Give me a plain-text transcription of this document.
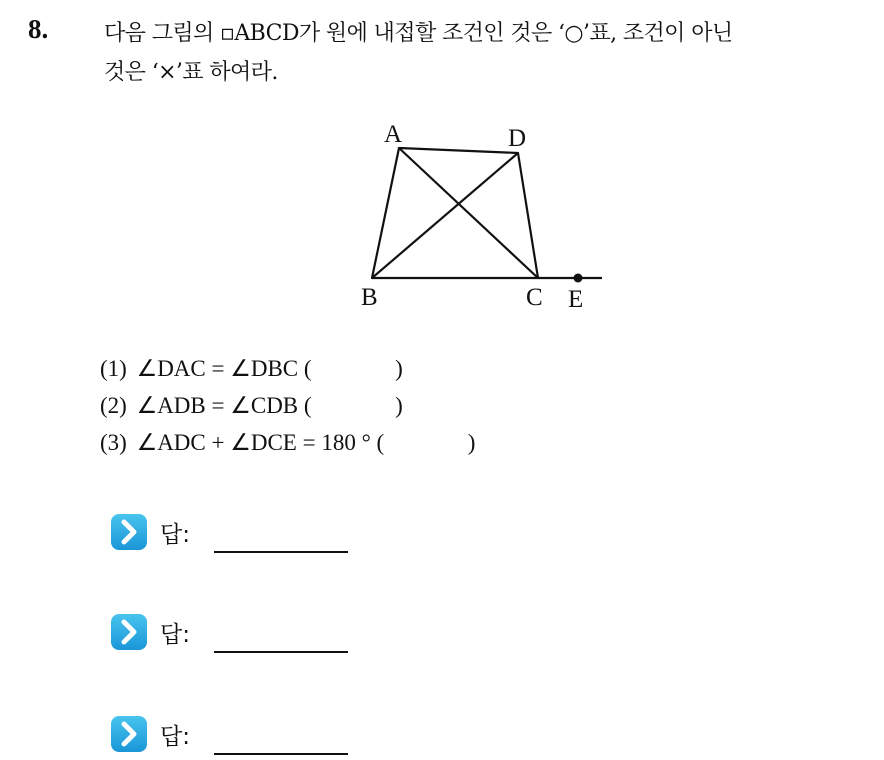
8.	다음 그림의 ▫ABCD가 원에 내접할 조건인 것은 ‘○’표, 조건이 아닌
것은 ‘×’표 하여라.
A	D
B	C E
(1) ∠DAC = ∠DBC (	)
(2) ∠ADB = ∠CDB (	)
(3) ∠ADC + ∠DCE = 180 ° (	)
답:
답:
답:
